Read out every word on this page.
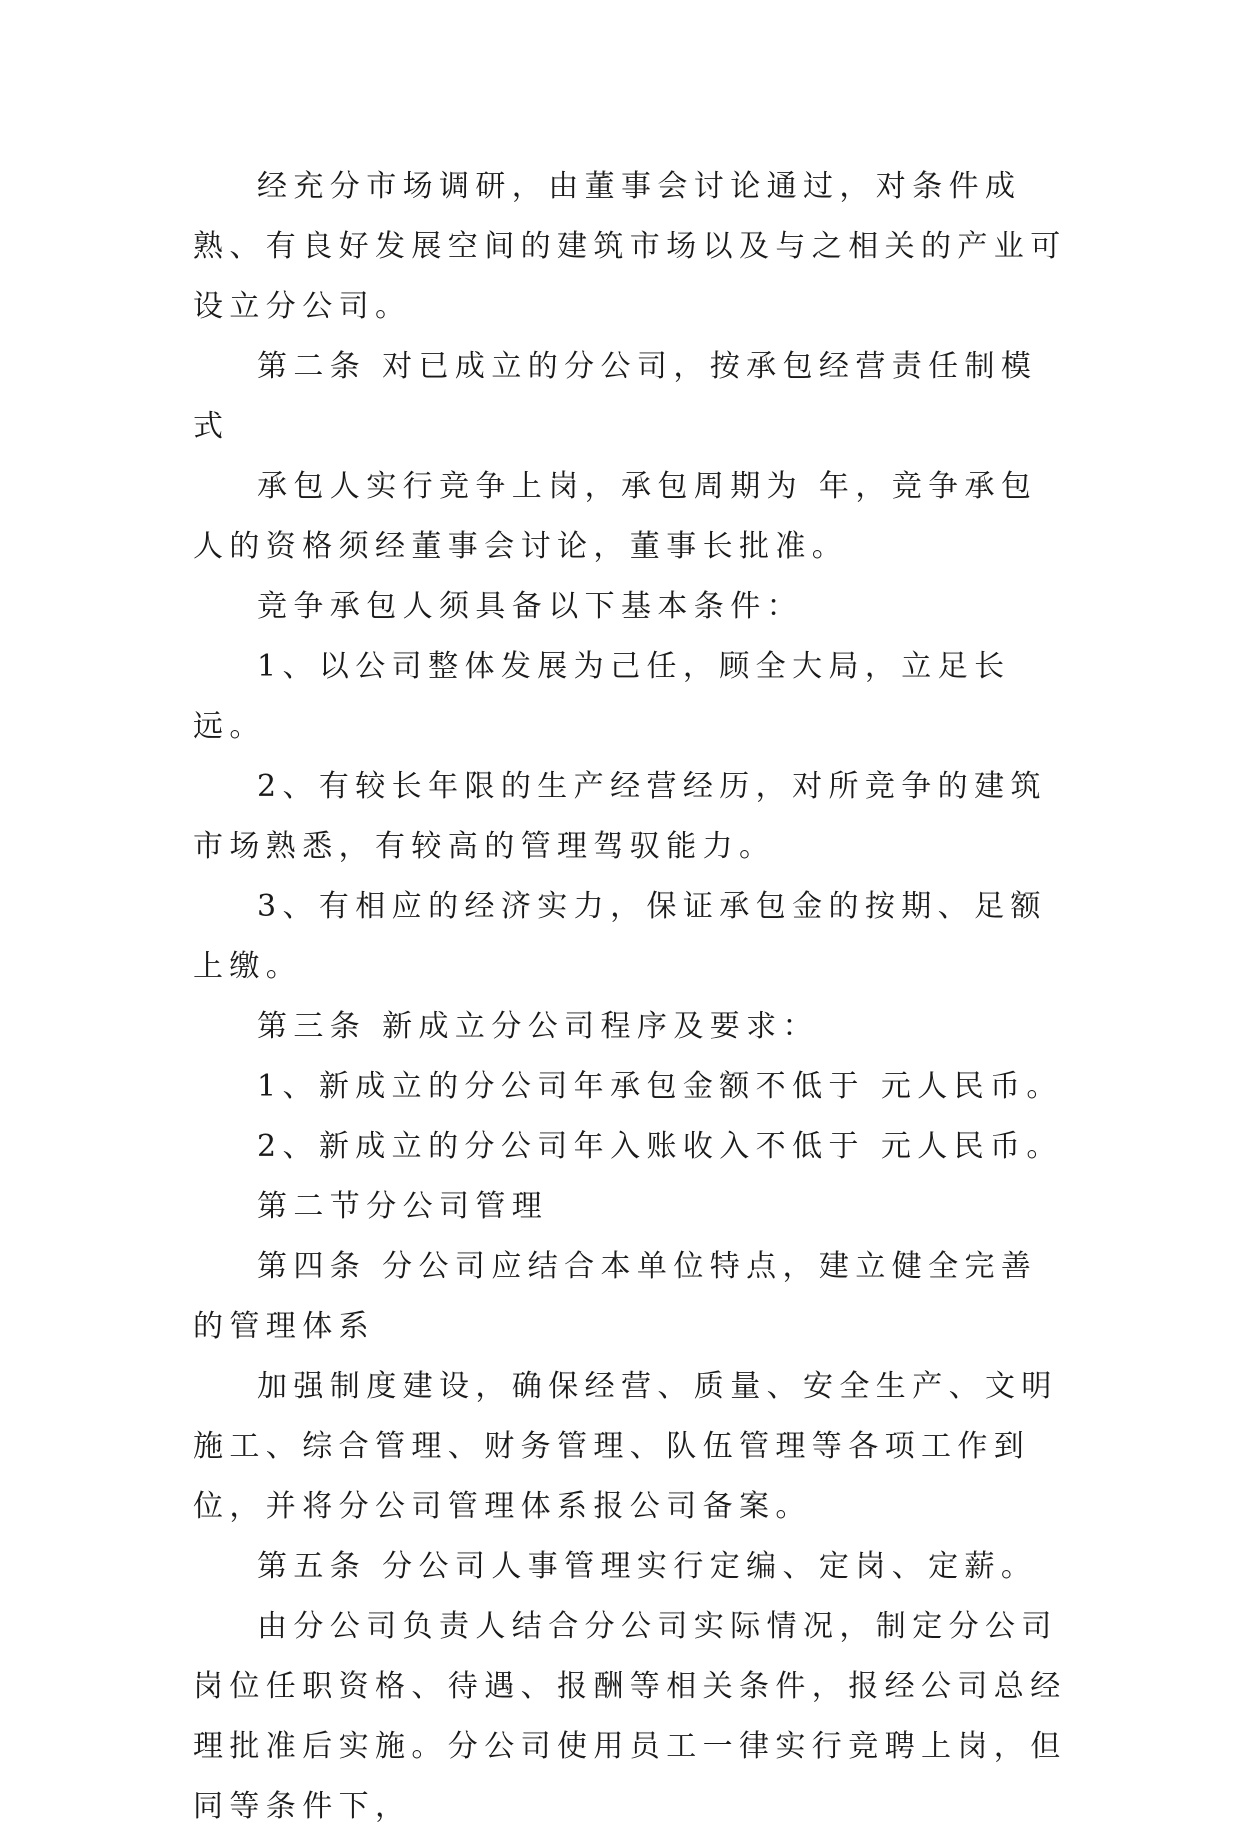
经充分市场调研，由董事会讨论通过，对条件成熟、有良好发展空间的建筑市场以及与之相关的产业可设立分公司。

第二条 对已成立的分公司，按承包经营责任制模式

承包人实行竞争上岗，承包周期为 年，竞争承包人的资格须经董事会讨论，董事长批准。

竞争承包人须具备以下基本条件：

1、以公司整体发展为己任，顾全大局，立足长远。

2、有较长年限的生产经营经历，对所竞争的建筑市场熟悉，有较高的管理驾驭能力。

3、有相应的经济实力，保证承包金的按期、足额上缴。

第三条 新成立分公司程序及要求：

1、新成立的分公司年承包金额不低于 元人民币。

2、新成立的分公司年入账收入不低于 元人民币。

第二节分公司管理

第四条 分公司应结合本单位特点，建立健全完善的管理体系

加强制度建设，确保经营、质量、安全生产、文明施工、综合管理、财务管理、队伍管理等各项工作到位，并将分公司管理体系报公司备案。

第五条 分公司人事管理实行定编、定岗、定薪。

由分公司负责人结合分公司实际情况，制定分公司岗位任职资格、待遇、报酬等相关条件，报经公司总经理批准后实施。分公司使用员工一律实行竞聘上岗，但同等条件下，
